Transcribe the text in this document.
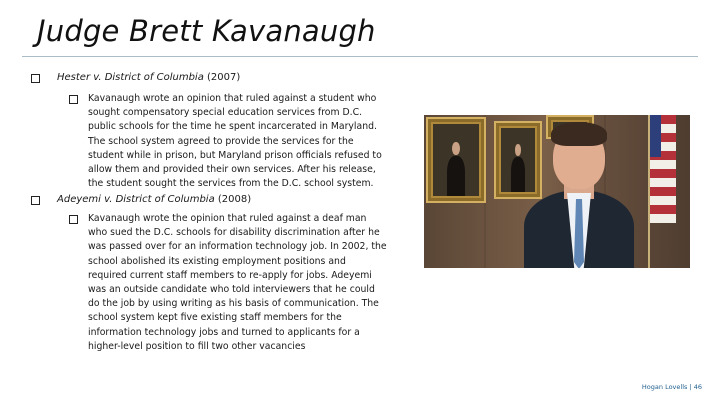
Judge Brett Kavanaugh
Hester v. District of Columbia (2007)
Kavanaugh wrote an opinion that ruled against a student who
sought compensatory special education services from D.C.
public schools for the time he spent incarcerated in Maryland.
The school system agreed to provide the services for the
student while in prison, but Maryland prison officials refused to
allow them and provided their own services. After his release,
the student sought the services from the D.C. school system.
Adeyemi v. District of Columbia (2008)
Kavanaugh wrote the opinion that ruled against a deaf man
who sued the D.C. schools for disability discrimination after he
was passed over for an information technology job. In 2002, the
school abolished its existing employment positions and
required current staff members to re-apply for jobs. Adeyemi
was an outside candidate who told interviewers that he could
do the job by using writing as his basis of communication. The
school system kept five existing staff members for the
information technology jobs and turned to applicants for a
higher-level position to fill two other vacancies
Hogan Lovells | 46
